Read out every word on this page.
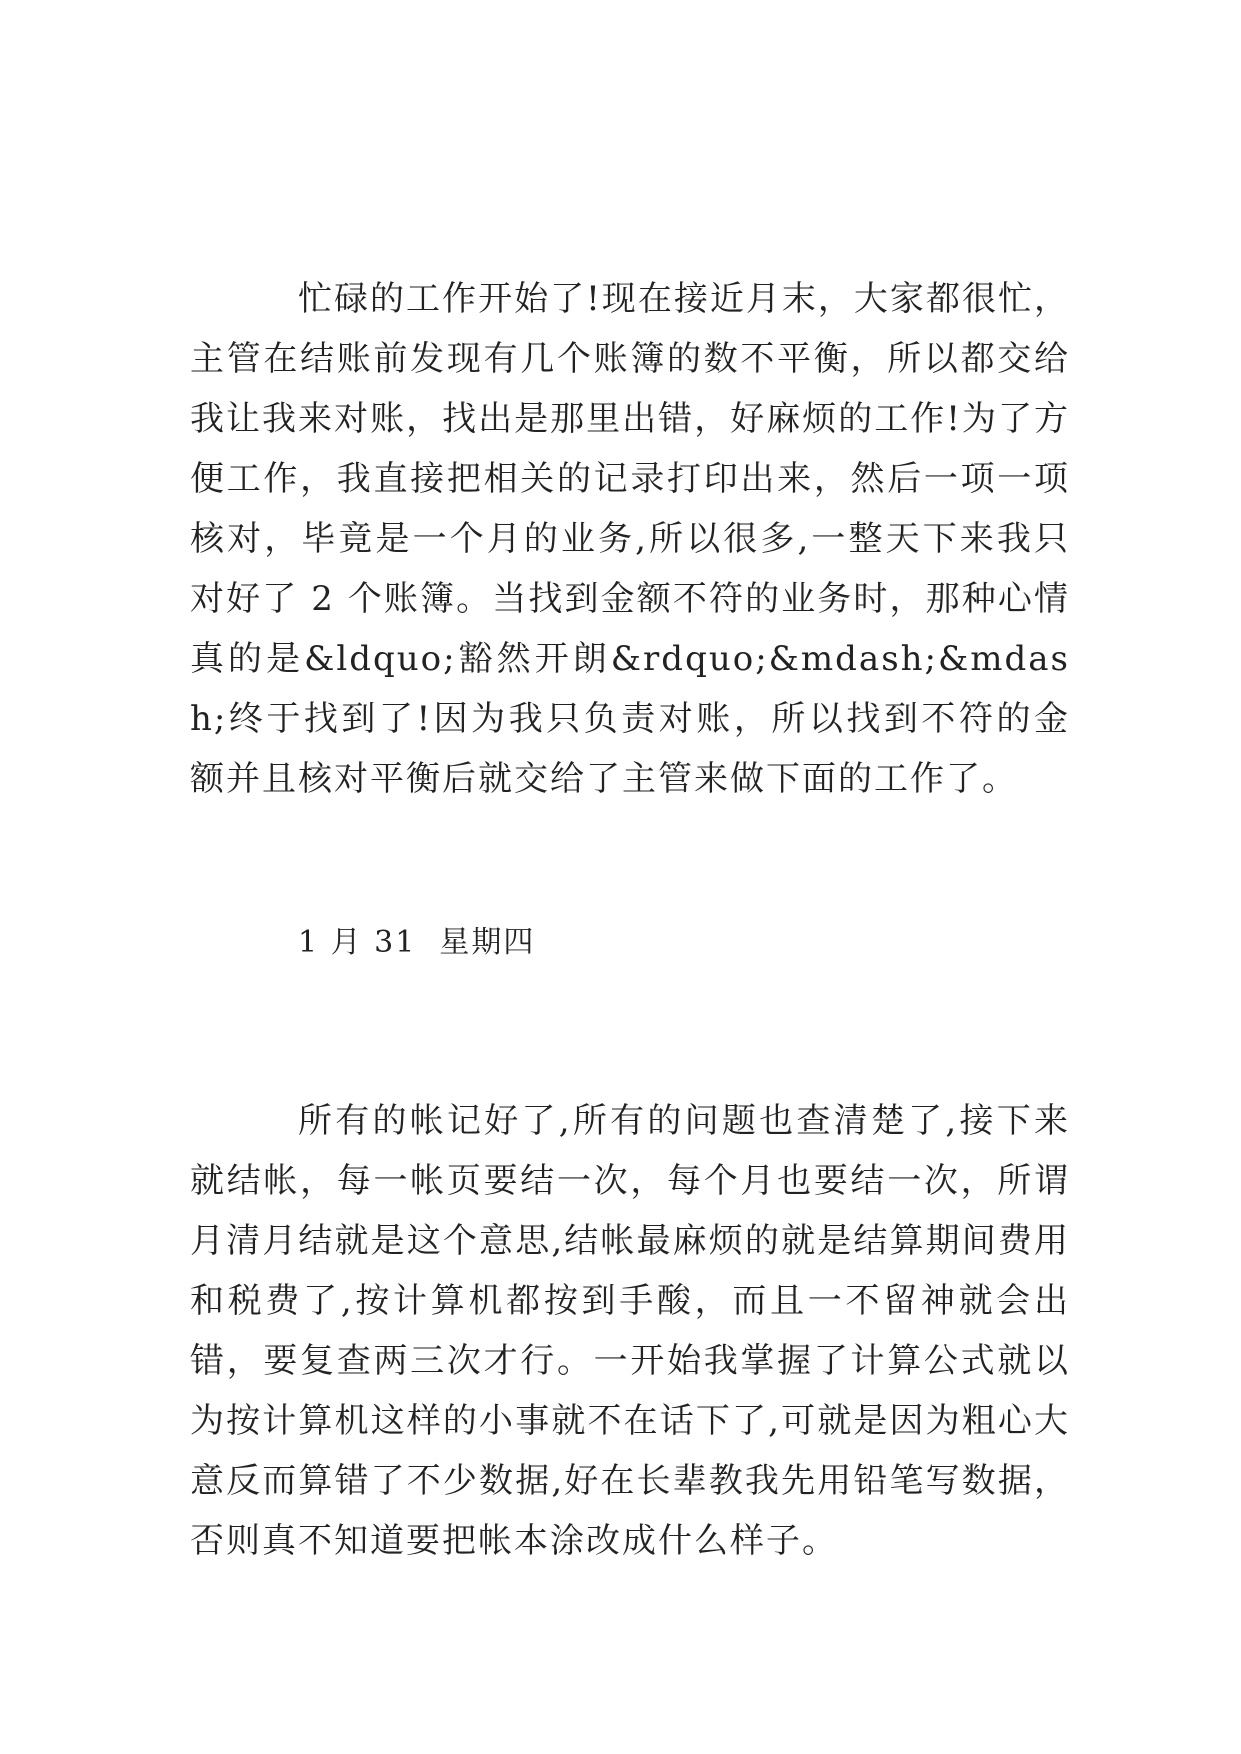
忙碌的工作开始了!现在接近月末，大家都很忙，主管在结账前发现有几个账簿的数不平衡，所以都交给我让我来对账，找出是那里出错，好麻烦的工作!为了方便工作，我直接把相关的记录打印出来，然后一项一项核对，毕竟是一个月的业务,所以很多,一整天下来我只对好了 2 个账簿。当找到金额不符的业务时，那种心情真的是&ldquo;豁然开朗&rdquo;&mdash;&mdash;终于找到了!因为我只负责对账，所以找到不符的金额并且核对平衡后就交给了主管来做下面的工作了。

1 月 31  星期四

所有的帐记好了,所有的问题也查清楚了,接下来就结帐，每一帐页要结一次，每个月也要结一次，所谓月清月结就是这个意思,结帐最麻烦的就是结算期间费用和税费了,按计算机都按到手酸，而且一不留神就会出错，要复查两三次才行。一开始我掌握了计算公式就以为按计算机这样的小事就不在话下了,可就是因为粗心大意反而算错了不少数据,好在长辈教我先用铅笔写数据，否则真不知道要把帐本涂改成什么样子。
